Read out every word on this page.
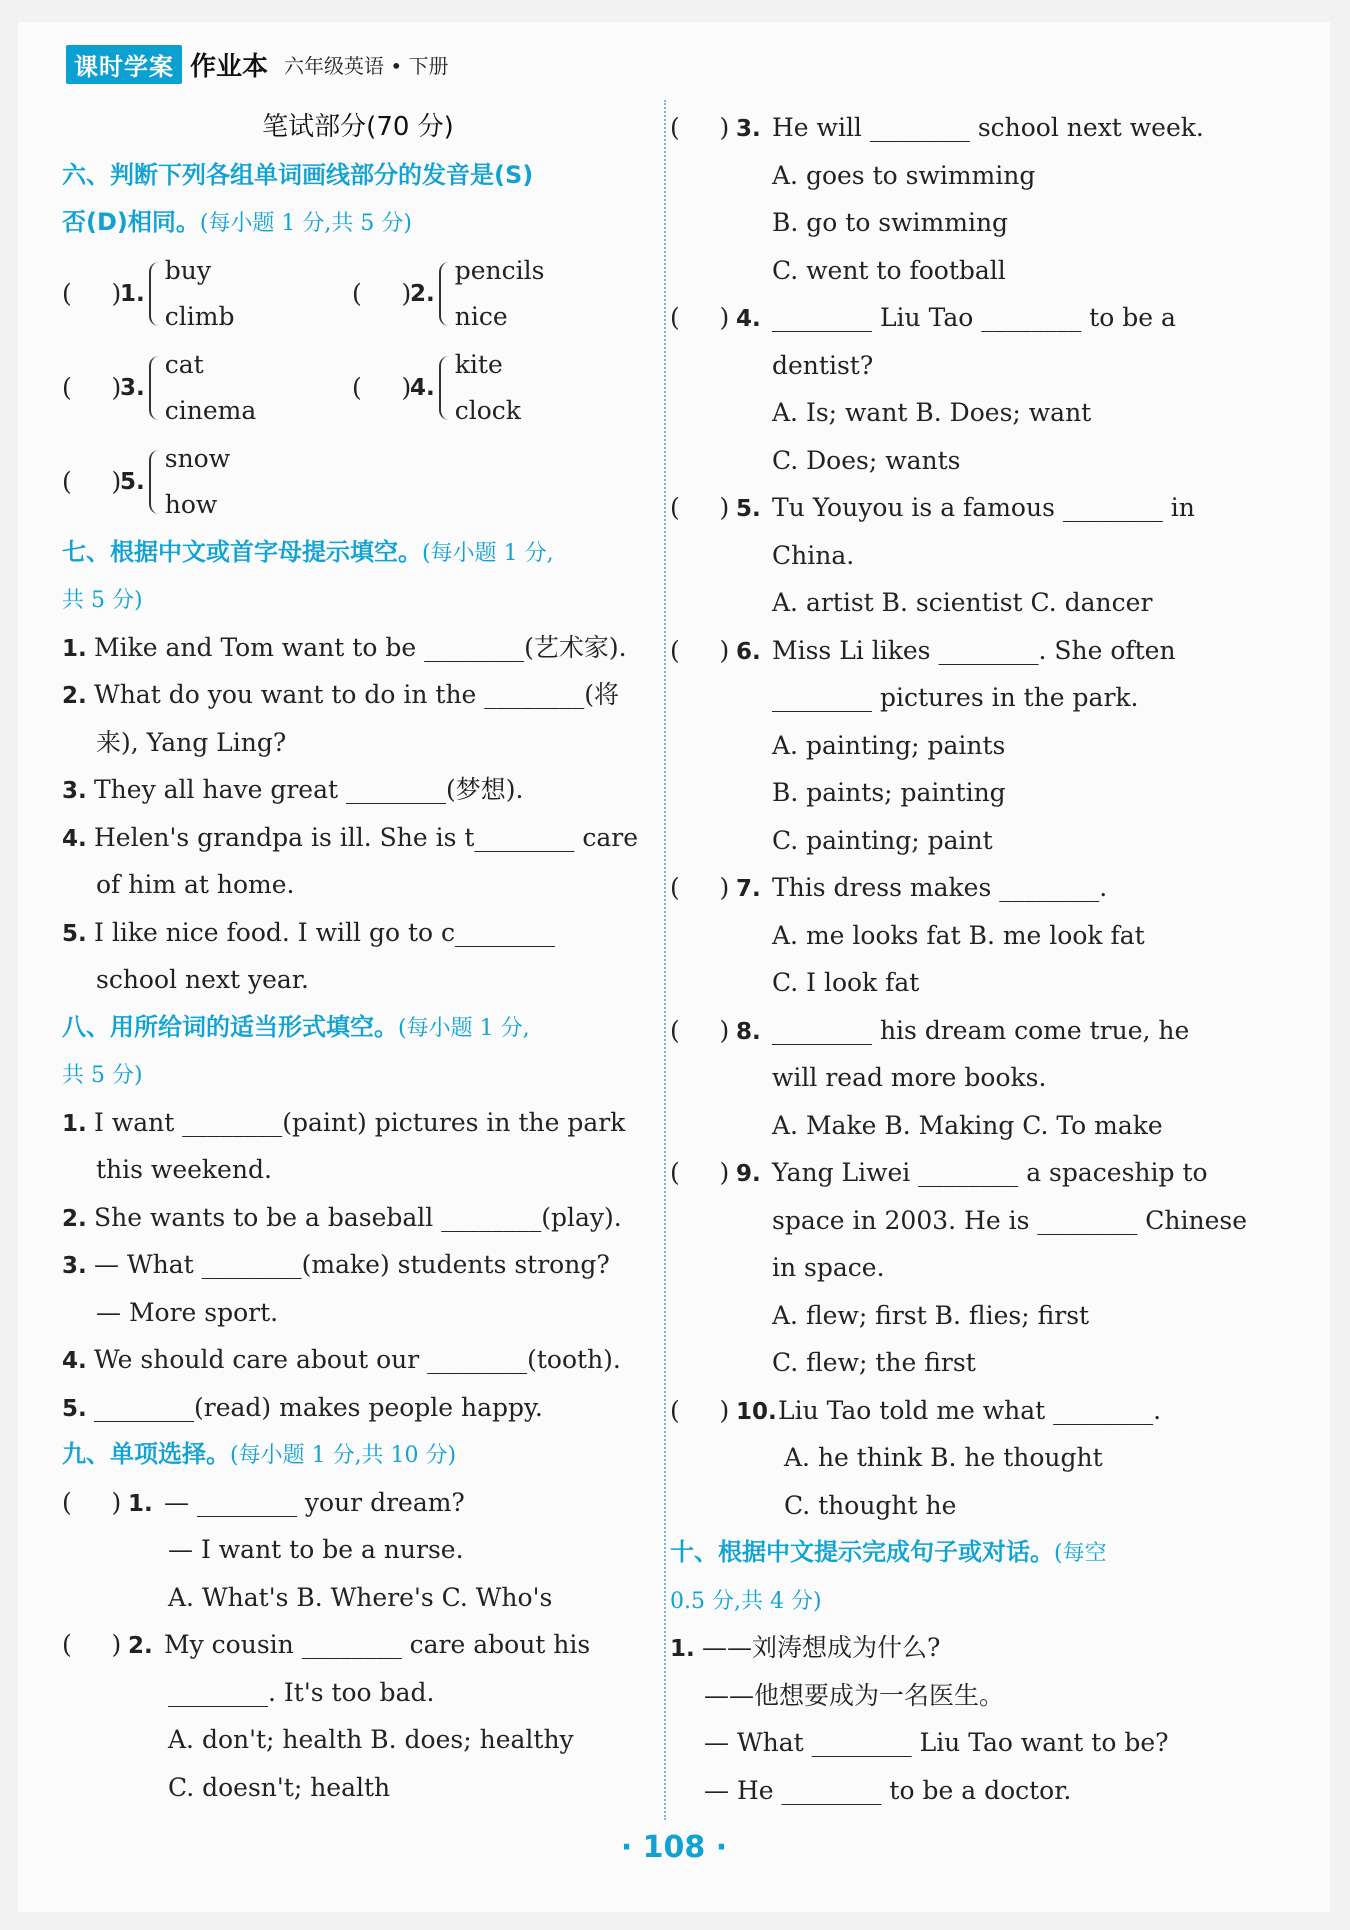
课时学案 作业本 六年级英语 • 下册
笔试部分(70 分)
六、判断下列各组单词画线部分的发音是(S)
否(D)相同。(每小题 1 分,共 5 分)
(     )
1.
buy
climb
(     )
2.
pencils
nice
(     )
3.
cat
cinema
(     )
4.
kite
clock
(     )
5.
snow
how
七、根据中文或首字母提示填空。(每小题 1 分,
共 5 分)
1. Mike and Tom want to be ________(艺术家).
2. What do you want to do in the ________(将
来), Yang Ling?
3. They all have great ________(梦想).
4. Helen's grandpa is ill. She is t________ care
of him at home.
5. I like nice food. I will go to c________
school next year.
八、用所给词的适当形式填空。(每小题 1 分,
共 5 分)
1. I want ________(paint) pictures in the park
this weekend.
2. She wants to be a baseball ________(play).
3. — What ________(make) students strong?
— More sport.
4. We should care about our ________(tooth).
5. ________(read) makes people happy.
九、单项选择。(每小题 1 分,共 10 分)
(     ) 1. — ________ your dream?
— I want to be a nurse.
A. What's B. Where's C. Who's
(     ) 2. My cousin ________ care about his
________. It's too bad.
A. don't; health B. does; healthy
C. doesn't; health
(     ) 3. He will ________ school next week.
A. goes to swimming
B. go to swimming
C. went to football
(     ) 4. ________ Liu Tao ________ to be a
dentist?
A. Is; want B. Does; want
C. Does; wants
(     ) 5. Tu Youyou is a famous ________ in
China.
A. artist B. scientist C. dancer
(     ) 6. Miss Li likes ________. She often
________ pictures in the park.
A. painting; paints
B. paints; painting
C. painting; paint
(     ) 7. This dress makes ________.
A. me looks fat B. me look fat
C. I look fat
(     ) 8. ________ his dream come true, he
will read more books.
A. Make B. Making C. To make
(     ) 9. Yang Liwei ________ a spaceship to
space in 2003. He is ________ Chinese
in space.
A. flew; first B. flies; first
C. flew; the first
(     ) 10.Liu Tao told me what ________.
A. he think B. he thought
C. thought he
十、根据中文提示完成句子或对话。(每空
0.5 分,共 4 分)
1. ——刘涛想成为什么?
——他想要成为一名医生。
— What ________ Liu Tao want to be?
— He ________ to be a doctor.
· 108 ·
